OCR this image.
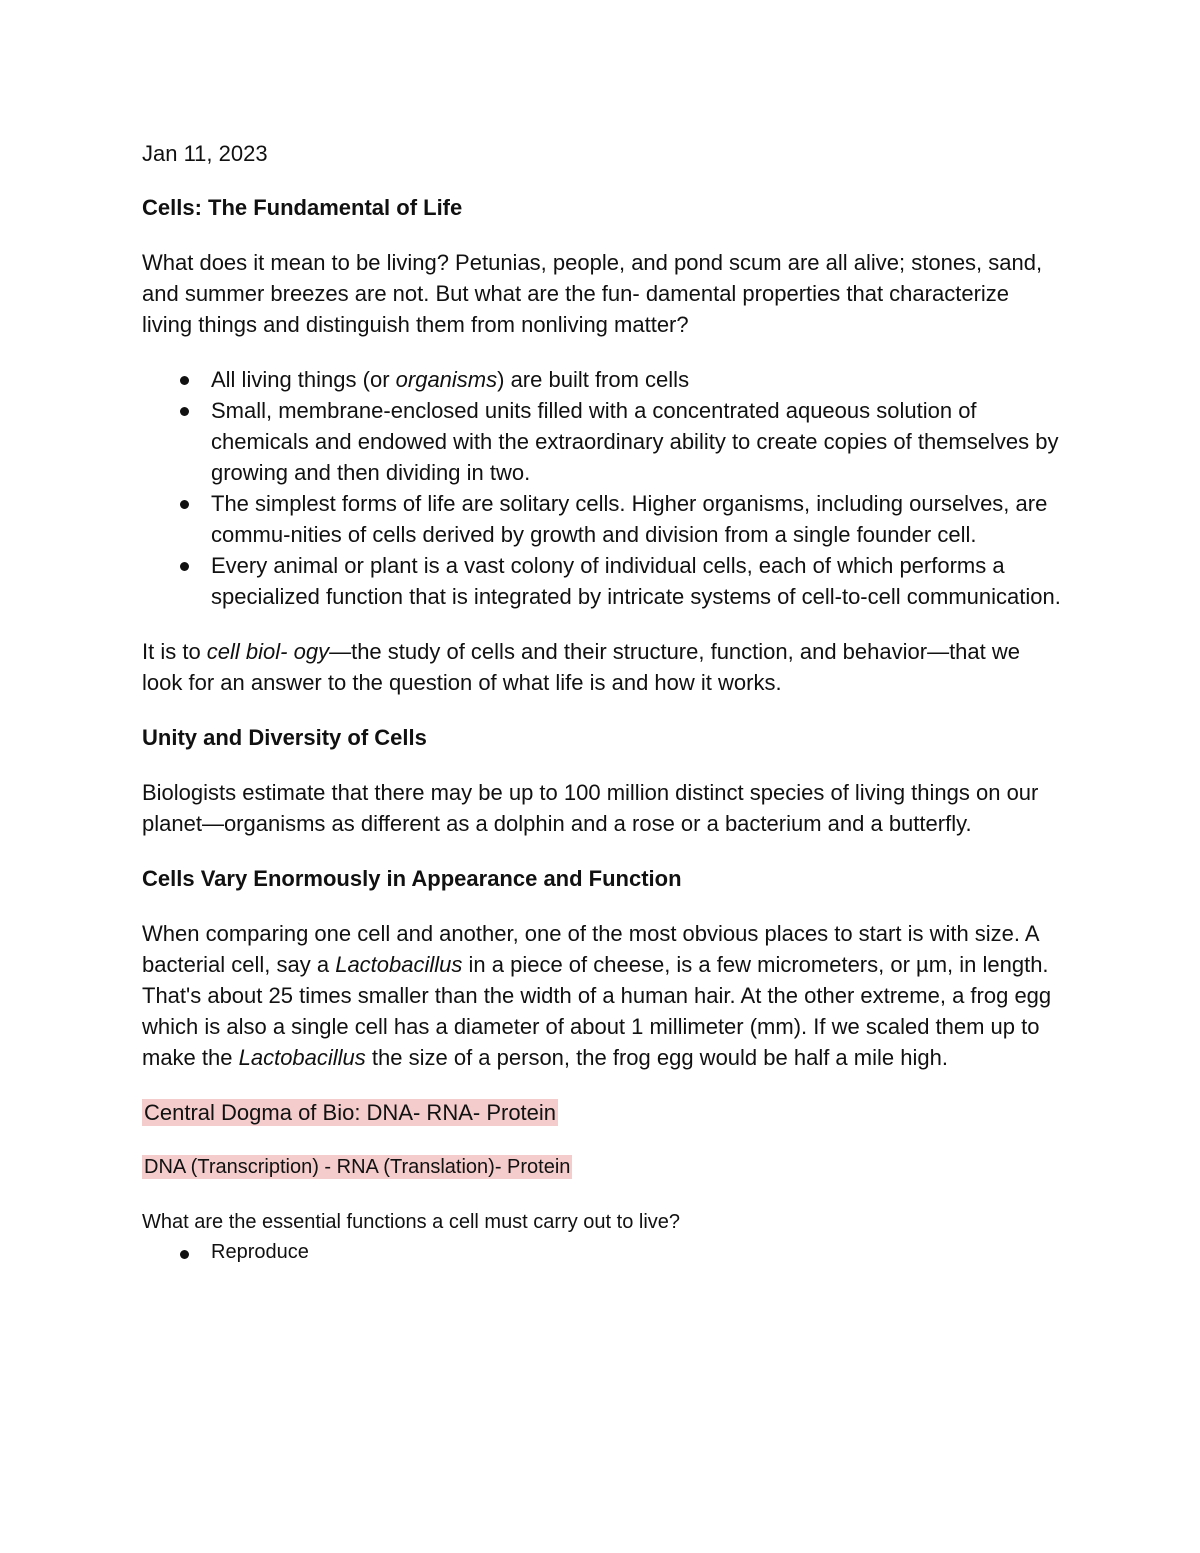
Jan 11, 2023

Cells: The Fundamental of Life

What does it mean to be living? Petunias, people, and pond scum are all alive; stones, sand, and summer breezes are not. But what are the fun- damental properties that characterize living things and distinguish them from nonliving matter?

All living things (or organisms) are built from cells
Small, membrane-enclosed units filled with a concentrated aqueous solution of chemicals and endowed with the extraordinary ability to create copies of themselves by growing and then dividing in two.
The simplest forms of life are solitary cells. Higher organisms, including ourselves, are commu-nities of cells derived by growth and division from a single founder cell.
Every animal or plant is a vast colony of individual cells, each of which performs a specialized function that is integrated by intricate systems of cell-to-cell communication.

It is to cell biol- ogy—the study of cells and their structure, function, and behavior—that we look for an answer to the question of what life is and how it works.

Unity and Diversity of Cells

Biologists estimate that there may be up to 100 million distinct species of living things on our planet—organisms as different as a dolphin and a rose or a bacterium and a butterfly.

Cells Vary Enormously in Appearance and Function

When comparing one cell and another, one of the most obvious places to start is with size. A bacterial cell, say a Lactobacillus in a piece of cheese, is a few micrometers, or µm, in length. That's about 25 times smaller than the width of a human hair. At the other extreme, a frog egg which is also a single cell has a diameter of about 1 millimeter (mm). If we scaled them up to make the Lactobacillus the size of a person, the frog egg would be half a mile high.

Central Dogma of Bio: DNA- RNA- Protein

DNA (Transcription) - RNA (Translation)- Protein

What are the essential functions a cell must carry out to live?

Reproduce
